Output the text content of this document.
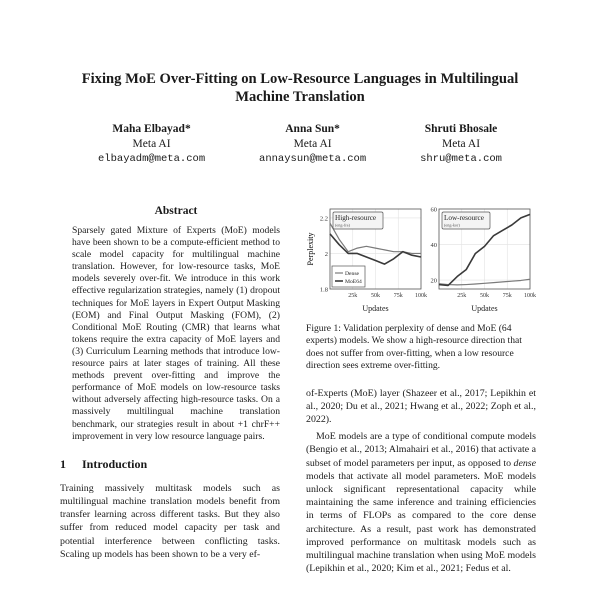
Fixing MoE Over-Fitting on Low-Resource Languages in Multilingual Machine Translation
Maha Elbayad*
Meta AI
elbayadm@meta.com
Anna Sun*
Meta AI
annaysun@meta.com
Shruti Bhosale
Meta AI
shru@meta.com
Abstract
Sparsely gated Mixture of Experts (MoE) models have been shown to be a compute-efficient method to scale model capacity for multilingual machine translation. However, for low-resource tasks, MoE models severely over-fit. We introduce in this work effective regularization strategies, namely (1) dropout techniques for MoE layers in Expert Output Masking (EOM) and Final Output Masking (FOM), (2) Conditional MoE Routing (CMR) that learns what tokens require the extra capacity of MoE layers and (3) Curriculum Learning methods that introduce low-resource pairs at later stages of training. All these methods prevent over-fitting and improve the performance of MoE models on low-resource tasks without adversely affecting high-resource tasks. On a massively multilingual machine translation benchmark, our strategies result in about +1 chrF++ improvement in very low resource language pairs.
1 Introduction
Training massively multitask models such as multilingual machine translation models benefit from transfer learning across different tasks. But they also suffer from reduced model capacity per task and potential interference between conflicting tasks. Scaling up models has been shown to be a very ef-
Perplexity
1.8
2
2.2
25k 50k 75k 100k
Updates
High-resource
(eng-fra)
Dense
MoE64	20
40
60
25k 50k 75k 100k
Updates
Low-resource
(eng-kor)
Figure 1: Validation perplexity of dense and MoE (64 experts) models. We show a high-resource direction that does not suffer from over-fitting, when a low resource direction sees extreme over-fitting.

of-Experts (MoE) layer (Shazeer et al., 2017; Lepikhin et al., 2020; Du et al., 2021; Hwang et al., 2022; Zoph et al., 2022).

MoE models are a type of conditional compute models (Bengio et al., 2013; Almahairi et al., 2016) that activate a subset of model parameters per input, as opposed to dense models that activate all model parameters. MoE models unlock significant representational capacity while maintaining the same inference and training efficiencies in terms of FLOPs as compared to the core dense architecture. As a result, past work has demonstrated improved performance on multitask models such as multilingual machine translation when using MoE models (Lepikhin et al., 2020; Kim et al., 2021; Fedus et al.
